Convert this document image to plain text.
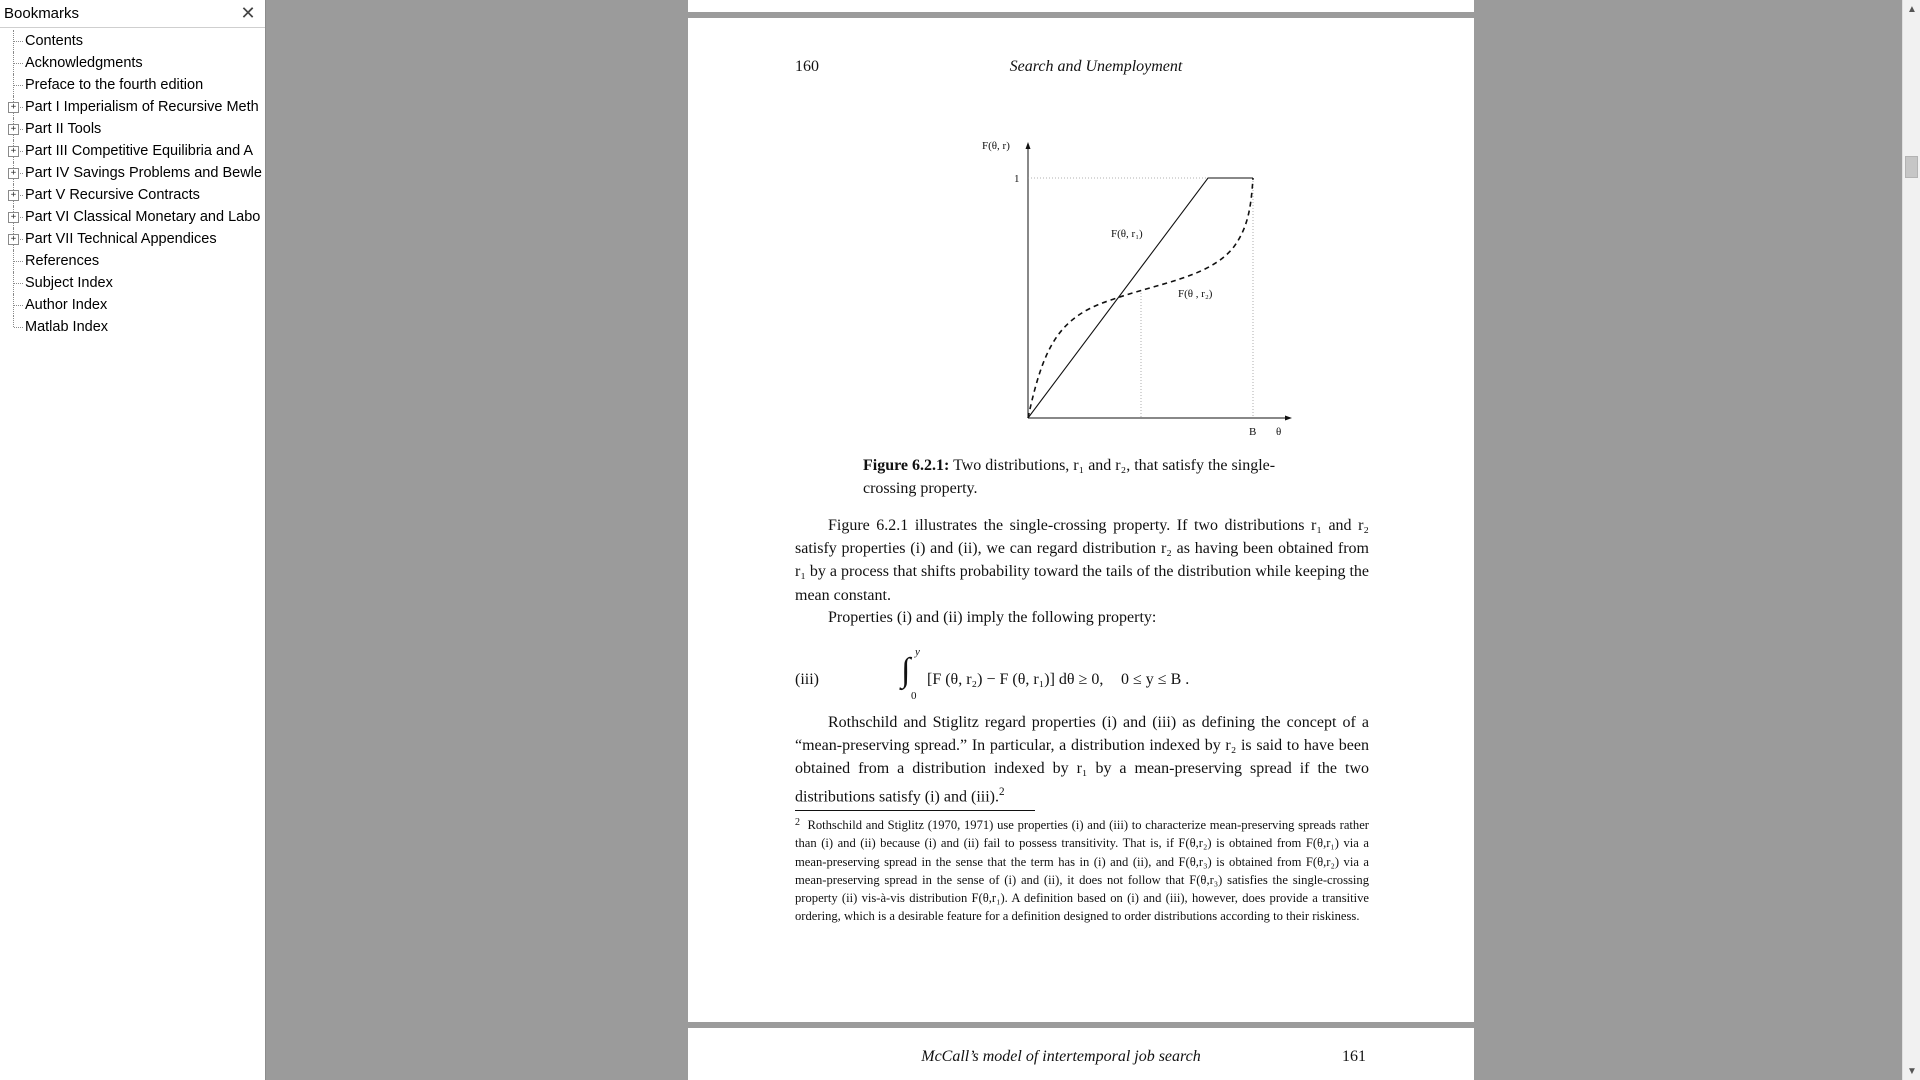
Bookmarks	✕
Contents
Acknowledgments
Preface to the fourth edition
+ Part I Imperialism of Recursive Meth
+ Part II Tools
+ Part III Competitive Equilibria and A
+ Part IV Savings Problems and Bewle
+ Part V Recursive Contracts
+ Part VI Classical Monetary and Labo
+ Part VII Technical Appendices
References
Subject Index
Author Index
Matlab Index
160	Search and Unemployment
F(θ, r)
1
B θ
F(θ, r₁)
F(θ , r₂)
Figure 6.2.1: Two distributions, r₁ and r₂, that satisfy the single-crossing property.
Figure 6.2.1 illustrates the single-crossing property. If two distributions r₁ and r₂ satisfy properties (i) and (ii), we can regard distribution r₂ as having been obtained from r₁ by a process that shifts probability toward the tails of the distribution while keeping the mean constant.
Properties (i) and (ii) imply the following property:
(iii) ∫ y
0
[F (θ, r₂) − F (θ, r₁)] dθ ≥ 0, 0 ≤ y ≤ B .
Rothschild and Stiglitz regard properties (i) and (iii) as defining the concept of a “mean-preserving spread.” In particular, a distribution indexed by r₂ is said to have been obtained from a distribution indexed by r₁ by a mean-preserving spread if the two distributions satisfy (i) and (iii).$^2$
$^2$ Rothschild and Stiglitz (1970, 1971) use properties (i) and (iii) to characterize mean-preserving spreads rather than (i) and (ii) because (i) and (ii) fail to possess transitivity. That is, if F(θ,r₂) is obtained from F(θ,r₁) via a mean-preserving spread in the sense that the term has in (i) and (ii), and F(θ,r₃) is obtained from F(θ,r₂) via a mean-preserving spread in the sense of (i) and (ii), it does not follow that F(θ,r₃) satisfies the single-crossing property (ii) vis-à-vis distribution F(θ,r₁). A definition based on (i) and (iii), however, does provide a transitive ordering, which is a desirable feature for a definition designed to order distributions according to their riskiness.
McCall’s model of intertemporal job search	161
▲
▼
